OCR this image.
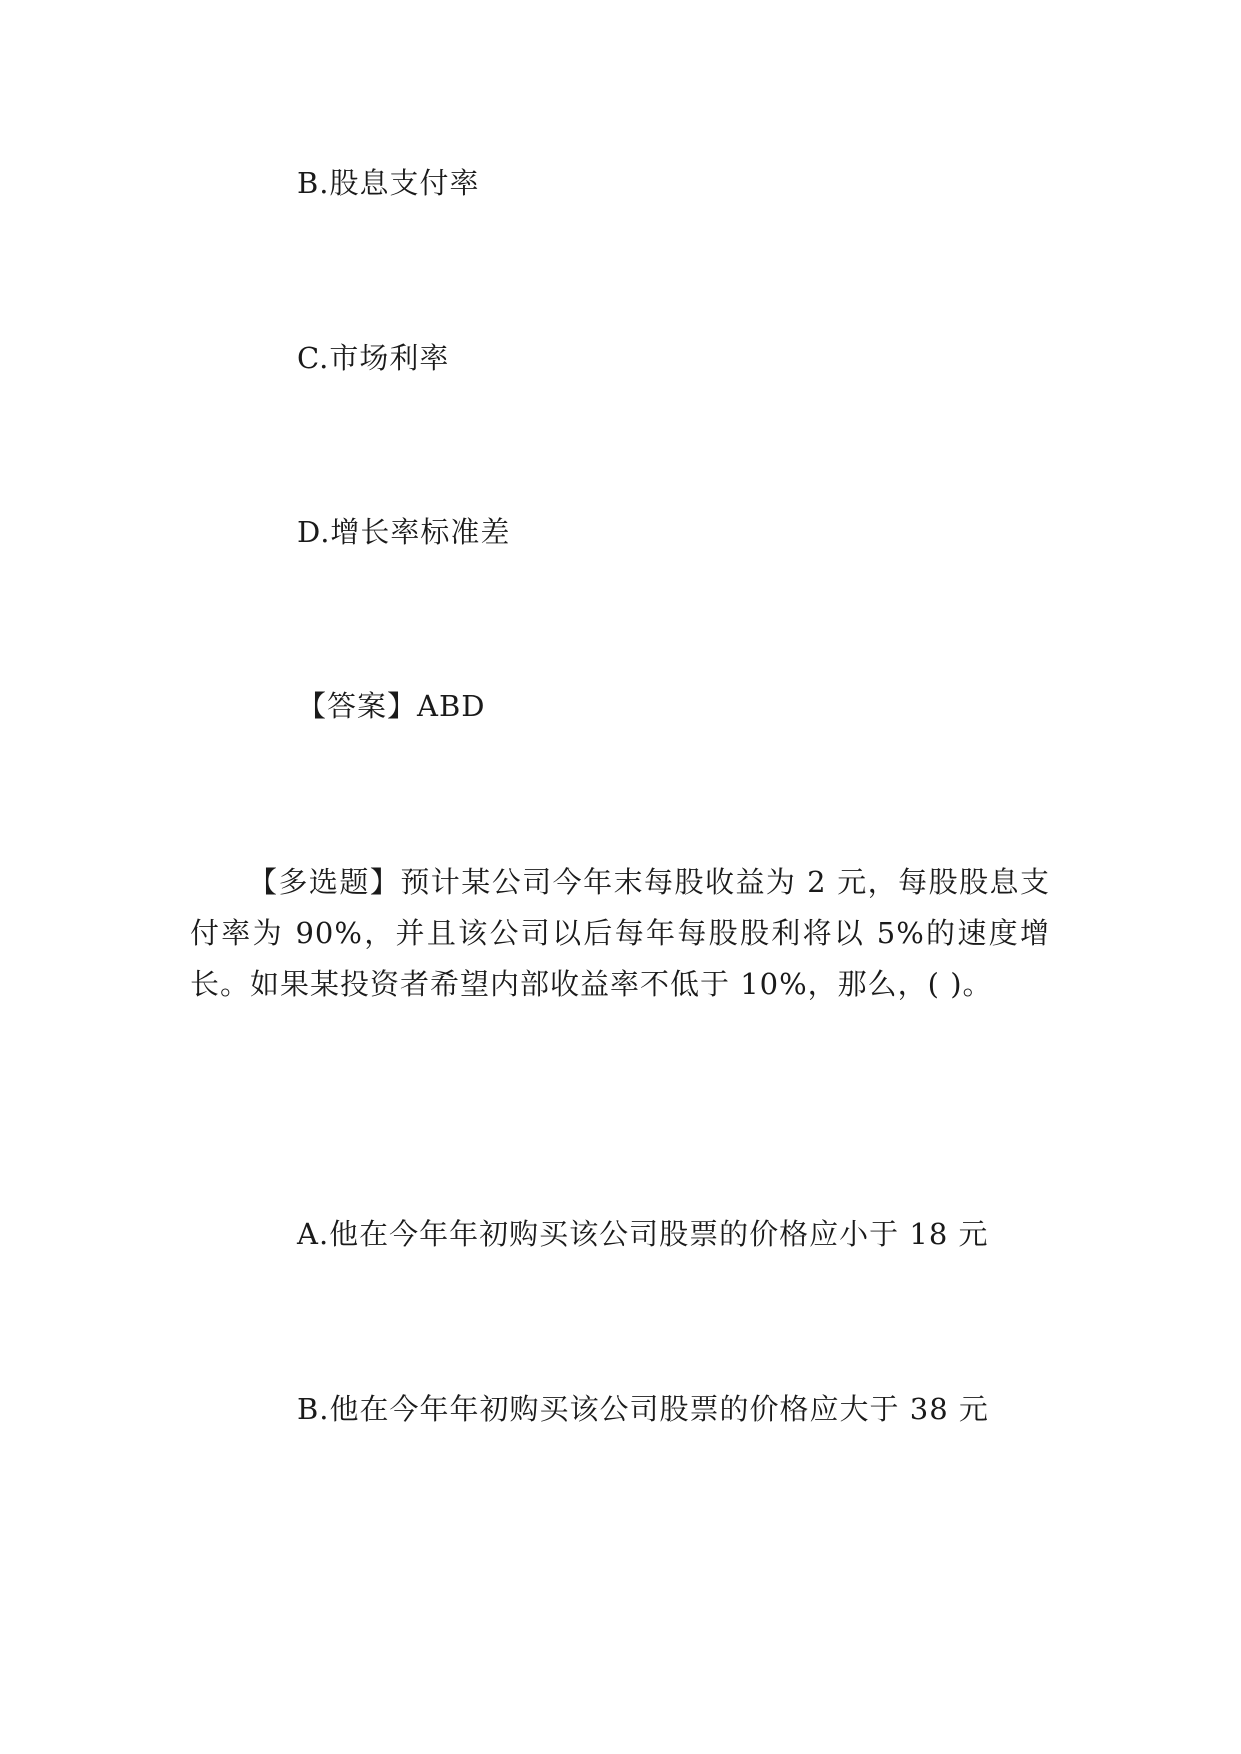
B.股息支付率
C.市场利率
D.增长率标准差
【答案】ABD
【多选题】预计某公司今年末每股收益为 2 元，每股股息支付率为 90%，并且该公司以后每年每股股利将以 5%的速度增长。如果某投资者希望内部收益率不低于 10%，那么，( )。
A.他在今年年初购买该公司股票的价格应小于 18 元
B.他在今年年初购买该公司股票的价格应大于 38 元
